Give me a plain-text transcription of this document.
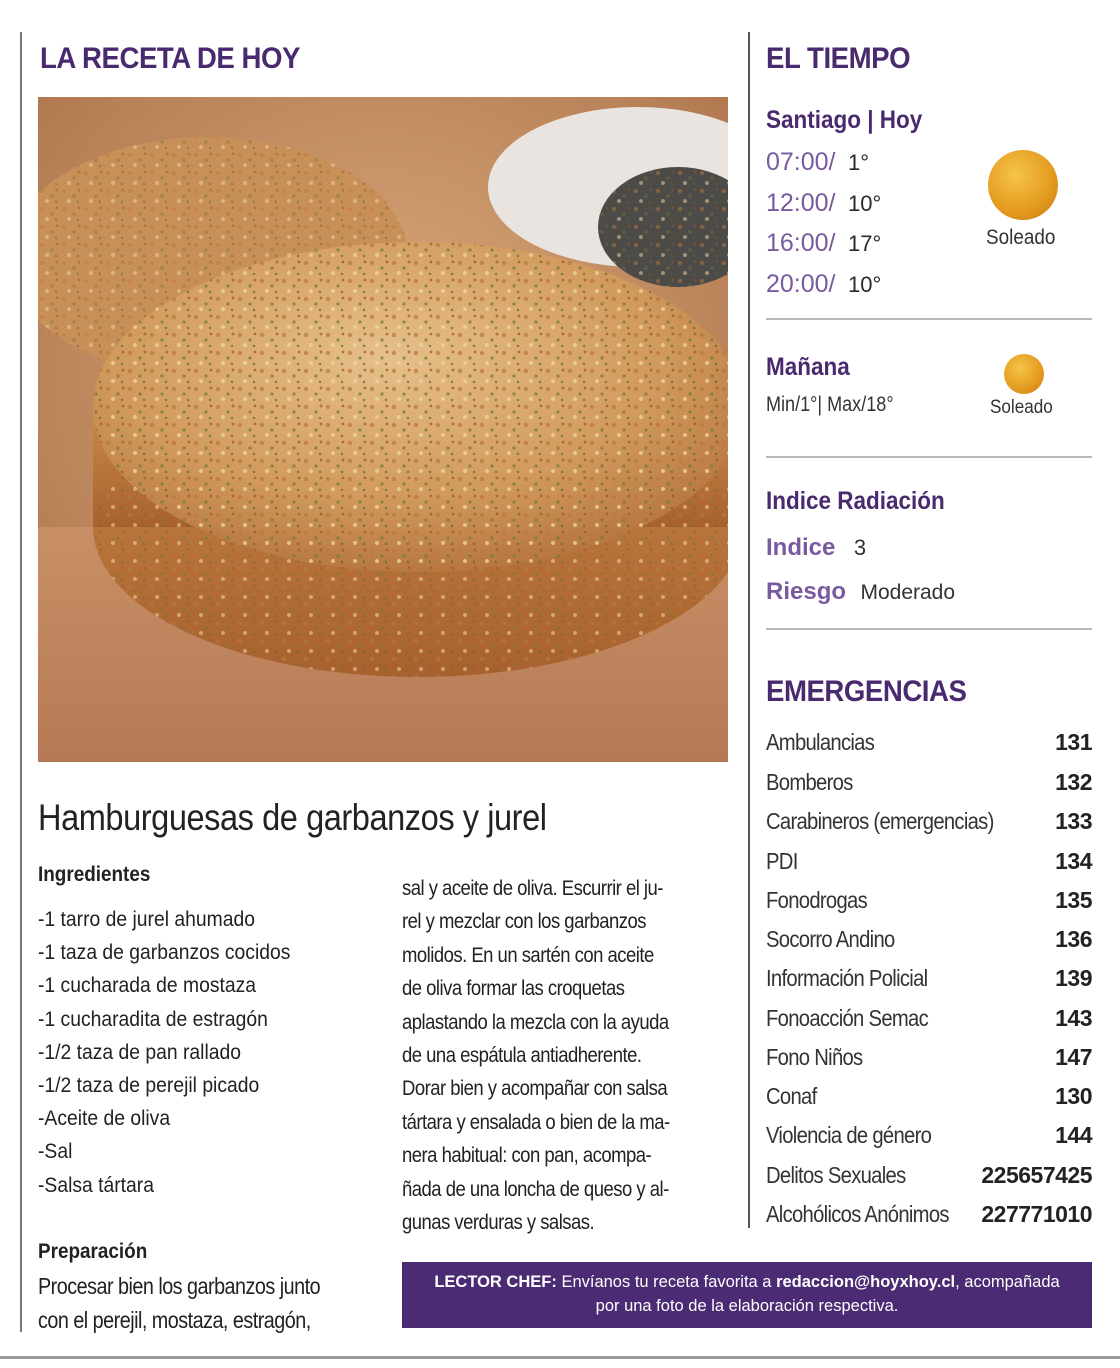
LA RECETA DE HOY
Hamburguesas de garbanzos y jurel
Ingredientes
-1 tarro de jurel ahumado
-1 taza de garbanzos cocidos
-1 cucharada de mostaza
-1 cucharadita de estragón
-1/2 taza de pan rallado
-1/2 taza de perejil picado
-Aceite de oliva
-Sal
-Salsa tártara
Preparación
Procesar bien los garbanzos junto
con el perejil, mostaza, estragón,
sal y aceite de oliva. Escurrir el ju-
rel y mezclar con los garbanzos
molidos. En un sartén con aceite
de oliva formar las croquetas
aplastando la mezcla con la ayuda
de una espátula antiadherente.
Dorar bien y acompañar con salsa
tártara y ensalada o bien de la ma-
nera habitual: con pan, acompa-
ñada de una loncha de queso y al-
gunas verduras y salsas.
EL TIEMPO
Santiago | Hoy
07:00/ 1°
12:00/ 10°
16:00/ 17°
20:00/ 10°
Soleado
Mañana
Min/1°| Max/18°	Soleado
Indice Radiación
Indice 3
Riesgo Moderado
EMERGENCIAS
Ambulancias	131
Bomberos	132
Carabineros (emergencias)	133
PDI	134
Fonodrogas	135
Socorro Andino	136
Información Policial	139
Fonoacción Semac	143
Fono Niños	147
Conaf	130
Violencia de género	144
Delitos Sexuales	225657425
Alcohólicos Anónimos 227771010
LECTOR CHEF: Envíanos tu receta favorita a redaccion@hoyxhoy.cl, acompañada
por una foto de la elaboración respectiva.
